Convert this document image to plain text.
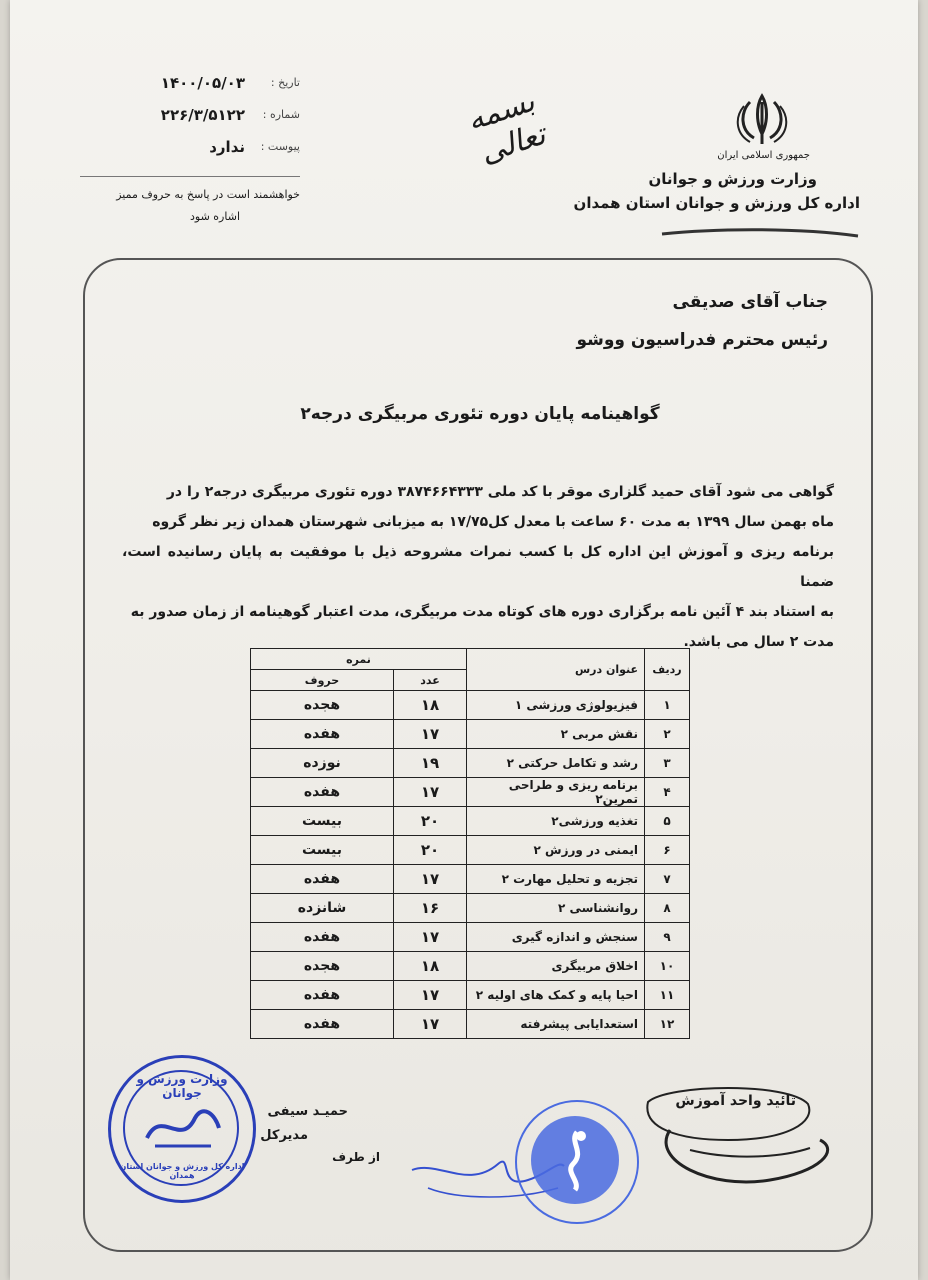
تاریخ :
۱۴۰۰/۰۵/۰۳
شماره :
۲۲۶/۳/۵۱۲۲
پیوست :
ندارد
خواهشمند است در پاسخ به حروف ممیز
اشاره شود
بسمه تعالی	جمهوری اسلامی ایران
وزارت ورزش و جوانان
اداره کل ورزش و جوانان استان همدان
جناب آقای صدیقی
رئیس محترم فدراسیون ووشو
گواهینامه پایان دوره تئوری مربیگری درجه۲
گواهی می شود آقای حمید گلزاری موقر با کد ملی ۳۸۷۴۶۶۴۳۳۳ دوره تئوری مربیگری درجه۲ را در
ماه بهمن سال ۱۳۹۹ به مدت ۶۰ ساعت با معدل کل۱۷/۷۵ به میزبانی شهرستان همدان زیر نظر گروه
برنامه ریزی و آموزش این اداره کل با کسب نمرات مشروحه ذیل با موفقیت به پایان رسانیده است، ضمنا
به استناد بند ۴ آئین نامه برگزاری دوره های کوتاه مدت مربیگری، مدت اعتبار گوهینامه از زمان صدور به
مدت ۲ سال می باشد.
ردیف	عنوان درس	نمره	
		عدد	حروف
۱	فیزیولوژی ورزشی ۱	۱۸	هجده
۲	نقش مربی ۲	۱۷	هفده
۳	رشد و تکامل حرکتی ۲	۱۹	نوزده
۴	برنامه ریزی و طراحی تمرین۲	۱۷	هفده
۵	تغذیه ورزشی۲	۲۰	بیست
۶	ایمنی در ورزش ۲	۲۰	بیست
۷	تجزیه و تحلیل مهارت ۲	۱۷	هفده
۸	روانشناسی ۲	۱۶	شانزده
۹	سنجش و اندازه گیری	۱۷	هفده
۱۰	اخلاق مربیگری	۱۸	هجده
۱۱	احیا پایه و کمک های اولیه ۲	۱۷	هفده
۱۲	استعدایابی پیشرفته	۱۷	هفده
تائید واحد آموزش
وزارت ورزش و جوانان
اداره کل ورزش و جوانان استان همدان
حمیـد سیفی
مدیرکل
از طرف
